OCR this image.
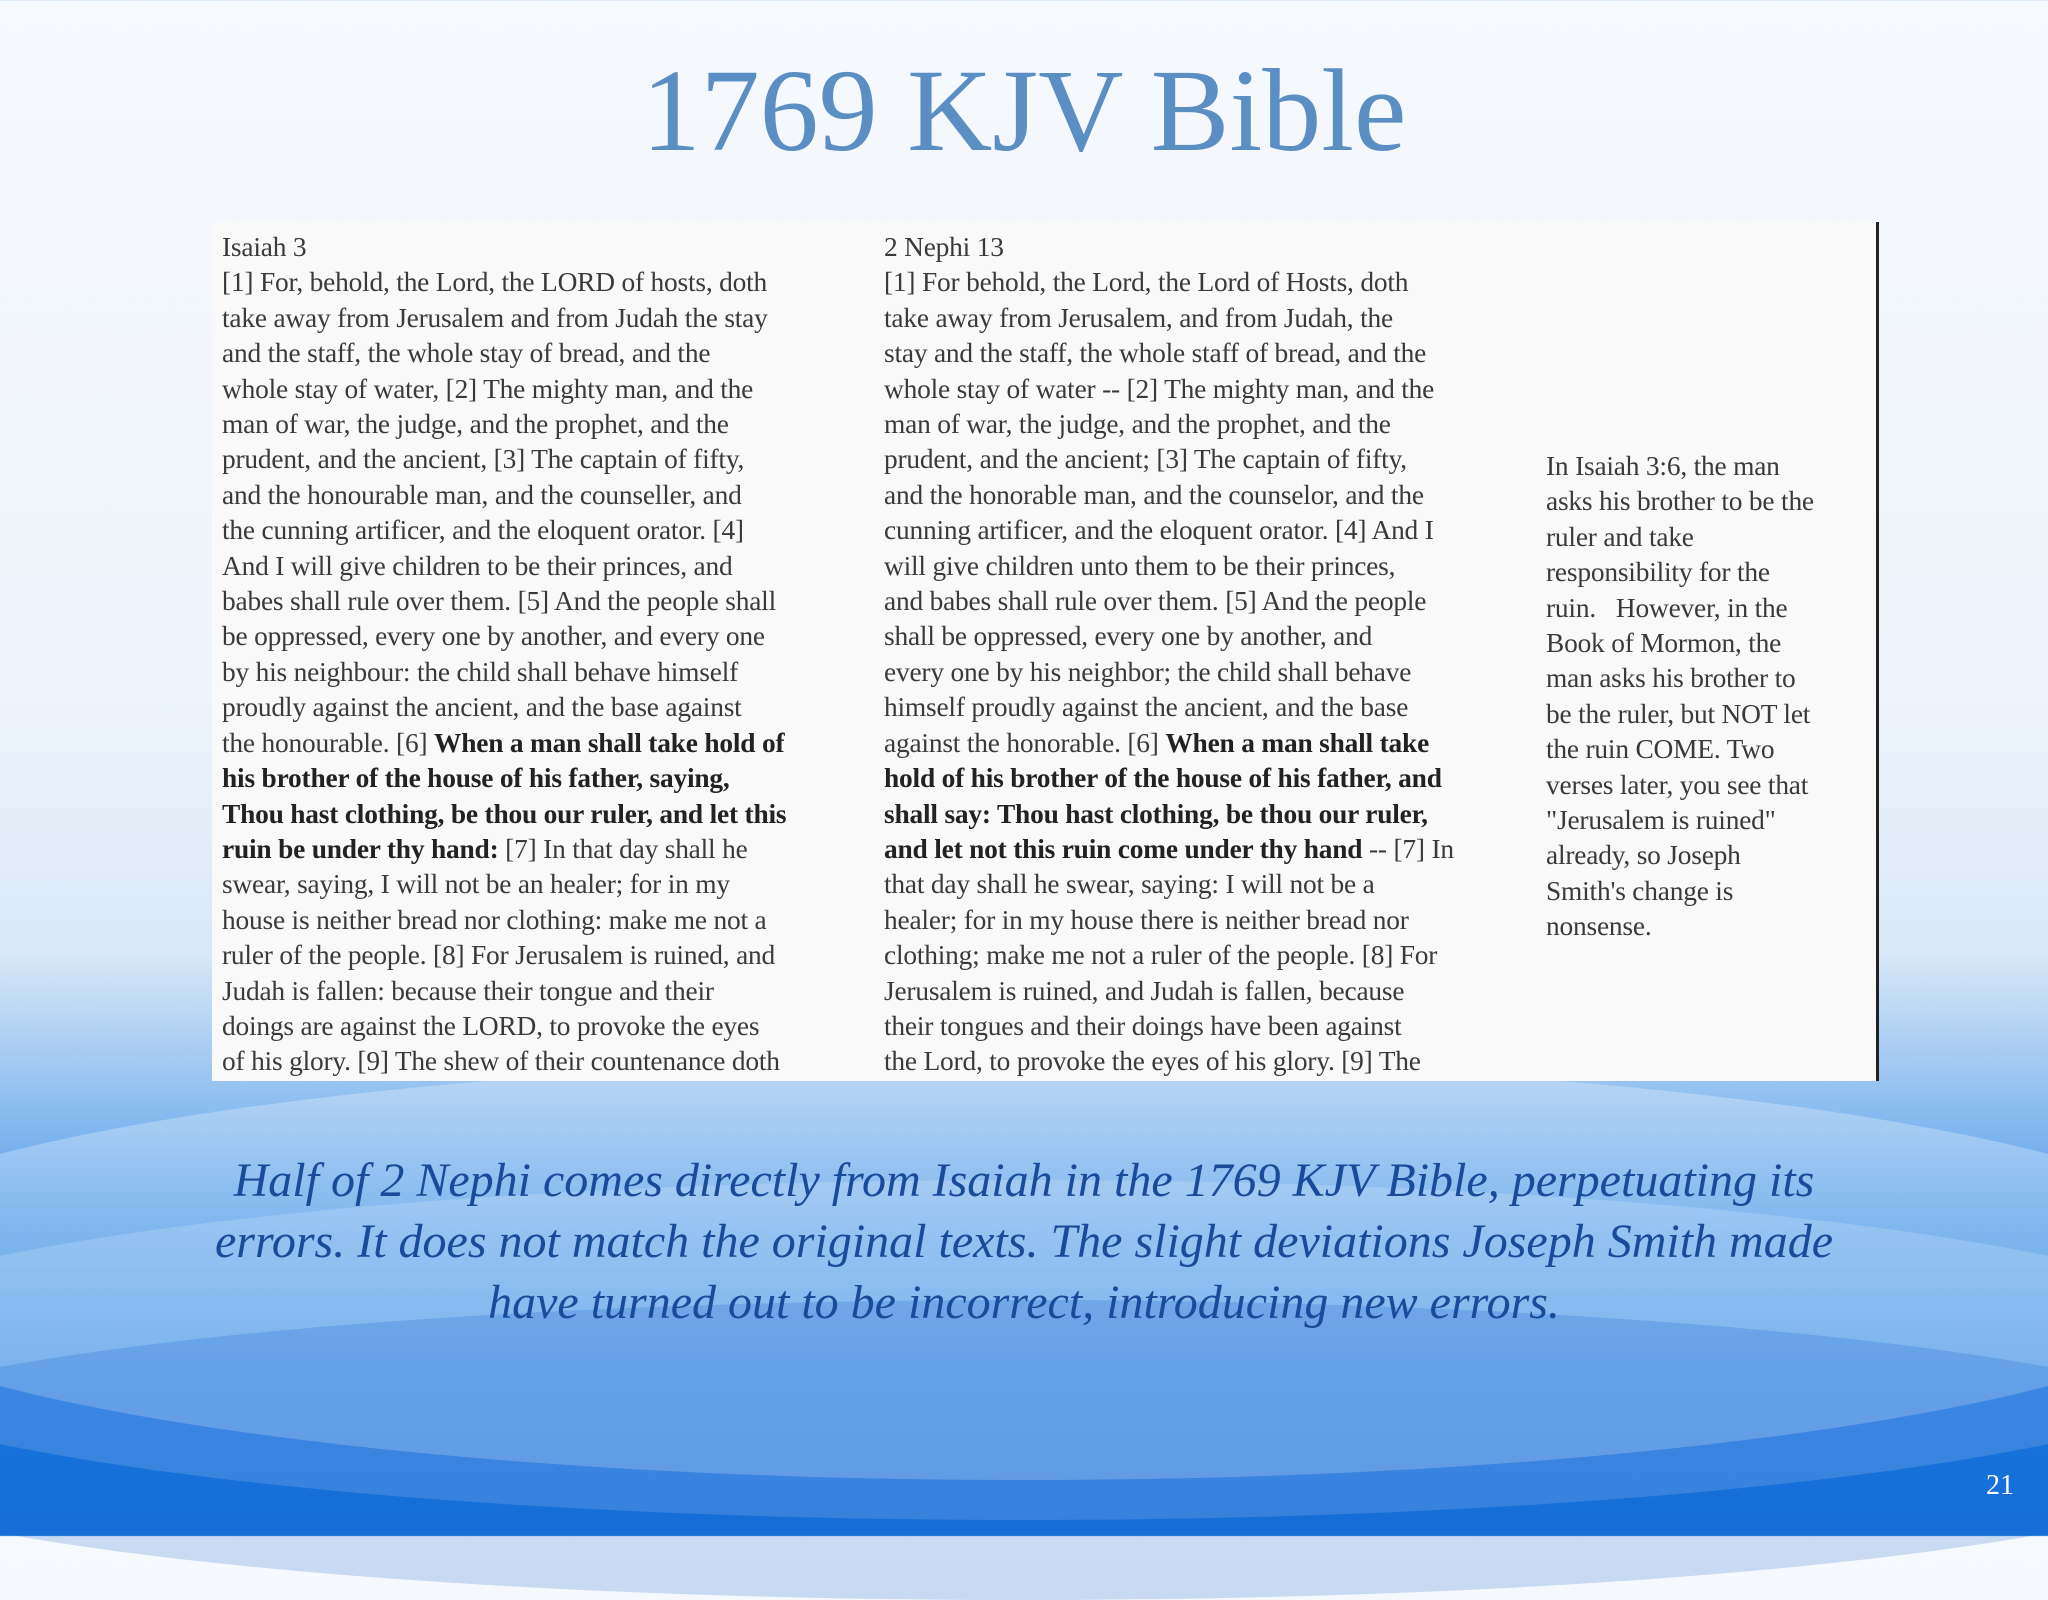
1769 KJV Bible
Isaiah 3
[1] For, behold, the Lord, the LORD of hosts, doth
take away from Jerusalem and from Judah the stay
and the staff, the whole stay of bread, and the
whole stay of water, [2] The mighty man, and the
man of war, the judge, and the prophet, and the
prudent, and the ancient, [3] The captain of fifty,
and the honourable man, and the counseller, and
the cunning artificer, and the eloquent orator. [4]
And I will give children to be their princes, and
babes shall rule over them. [5] And the people shall
be oppressed, every one by another, and every one
by his neighbour: the child shall behave himself
proudly against the ancient, and the base against
the honourable. [6] When a man shall take hold of
his brother of the house of his father, saying,
Thou hast clothing, be thou our ruler, and let this
ruin be under thy hand: [7] In that day shall he
swear, saying, I will not be an healer; for in my
house is neither bread nor clothing: make me not a
ruler of the people. [8] For Jerusalem is ruined, and
Judah is fallen: because their tongue and their
doings are against the LORD, to provoke the eyes
of his glory. [9] The shew of their countenance doth
2 Nephi 13
[1] For behold, the Lord, the Lord of Hosts, doth
take away from Jerusalem, and from Judah, the
stay and the staff, the whole staff of bread, and the
whole stay of water -- [2] The mighty man, and the
man of war, the judge, and the prophet, and the
prudent, and the ancient; [3] The captain of fifty,
and the honorable man, and the counselor, and the
cunning artificer, and the eloquent orator. [4] And I
will give children unto them to be their princes,
and babes shall rule over them. [5] And the people
shall be oppressed, every one by another, and
every one by his neighbor; the child shall behave
himself proudly against the ancient, and the base
against the honorable. [6] When a man shall take
hold of his brother of the house of his father, and
shall say: Thou hast clothing, be thou our ruler,
and let not this ruin come under thy hand -- [7] In
that day shall he swear, saying: I will not be a
healer; for in my house there is neither bread nor
clothing; make me not a ruler of the people. [8] For
Jerusalem is ruined, and Judah is fallen, because
their tongues and their doings have been against
the Lord, to provoke the eyes of his glory. [9] The
In Isaiah 3:6, the man
asks his brother to be the
ruler and take
responsibility for the
ruin.   However, in the
Book of Mormon, the
man asks his brother to
be the ruler, but NOT let
the ruin COME. Two
verses later, you see that
"Jerusalem is ruined"
already, so Joseph
Smith's change is
nonsense.

Half of 2 Nephi comes directly from Isaiah in the 1769 KJV Bible, perpetuating its
errors. It does not match the original texts. The slight deviations Joseph Smith made
have turned out to be incorrect, introducing new errors.

21
